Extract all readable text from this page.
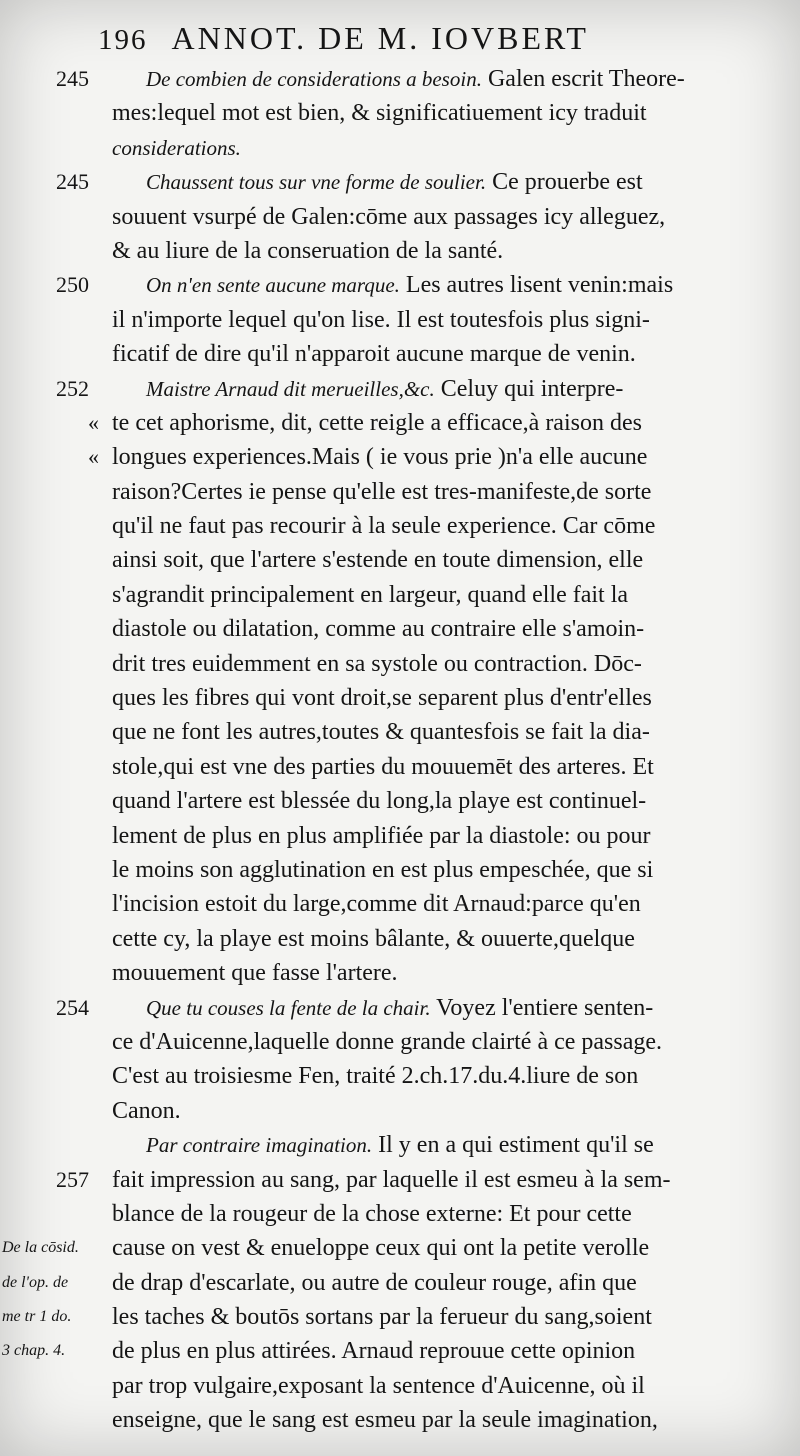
196 ANNOT. DE M. IOVBERT
245	De combien de considerations a besoin. Galen escrit Theore-
mes:lequel mot est bien, & significatiuement icy traduit
considerations.
245	Chaussent tous sur vne forme de soulier. Ce prouerbe est
souuent vsurpé de Galen:cōme aux passages icy alleguez,
& au liure de la conseruation de la santé.
250	On n'en sente aucune marque. Les autres lisent venin:mais
il n'importe lequel qu'on lise. Il est toutesfois plus signi-
ficatif de dire qu'il n'apparoit aucune marque de venin.
252	Maistre Arnaud dit merueilles,&c. Celuy qui interpre-
« te cet aphorisme, dit, cette reigle a efficace,à raison des
« longues experiences.Mais ( ie vous prie )n'a elle aucune
raison?Certes ie pense qu'elle est tres-manifeste,de sorte
qu'il ne faut pas recourir à la seule experience. Car cōme
ainsi soit, que l'artere s'estende en toute dimension, elle
s'agrandit principalement en largeur, quand elle fait la
diastole ou dilatation, comme au contraire elle s'amoin-
drit tres euidemment en sa systole ou contraction. Dōc-
ques les fibres qui vont droit,se separent plus d'entr'elles
que ne font les autres,toutes & quantesfois se fait la dia-
stole,qui est vne des parties du mouuemēt des arteres. Et
quand l'artere est blessée du long,la playe est continuel-
lement de plus en plus amplifiée par la diastole: ou pour
le moins son agglutination en est plus empeschée, que si
l'incision estoit du large,comme dit Arnaud:parce qu'en
cette cy, la playe est moins bâlante, & ouuerte,quelque
mouuement que fasse l'artere.
254	Que tu couses la fente de la chair. Voyez l'entiere senten-
ce d'Auicenne,laquelle donne grande clairté à ce passage.
C'est au troisiesme Fen, traité 2.ch.17.du.4.liure de son
Canon.
Par contraire imagination. Il y en a qui estiment qu'il se
257 fait impression au sang, par laquelle il est esmeu à la sem-
blance de la rougeur de la chose externe: Et pour cette
De la cōsid. cause on vest & enueloppe ceux qui ont la petite verolle
de l'op. de de drap d'escarlate, ou autre de couleur rouge, afin que
me tr 1 do. les taches & boutōs sortans par la ferueur du sang,soient
3 chap. 4. de plus en plus attirées. Arnaud reprouue cette opinion
par trop vulgaire,exposant la sentence d'Auicenne, où il
enseigne, que le sang est esmeu par la seule imagination,
